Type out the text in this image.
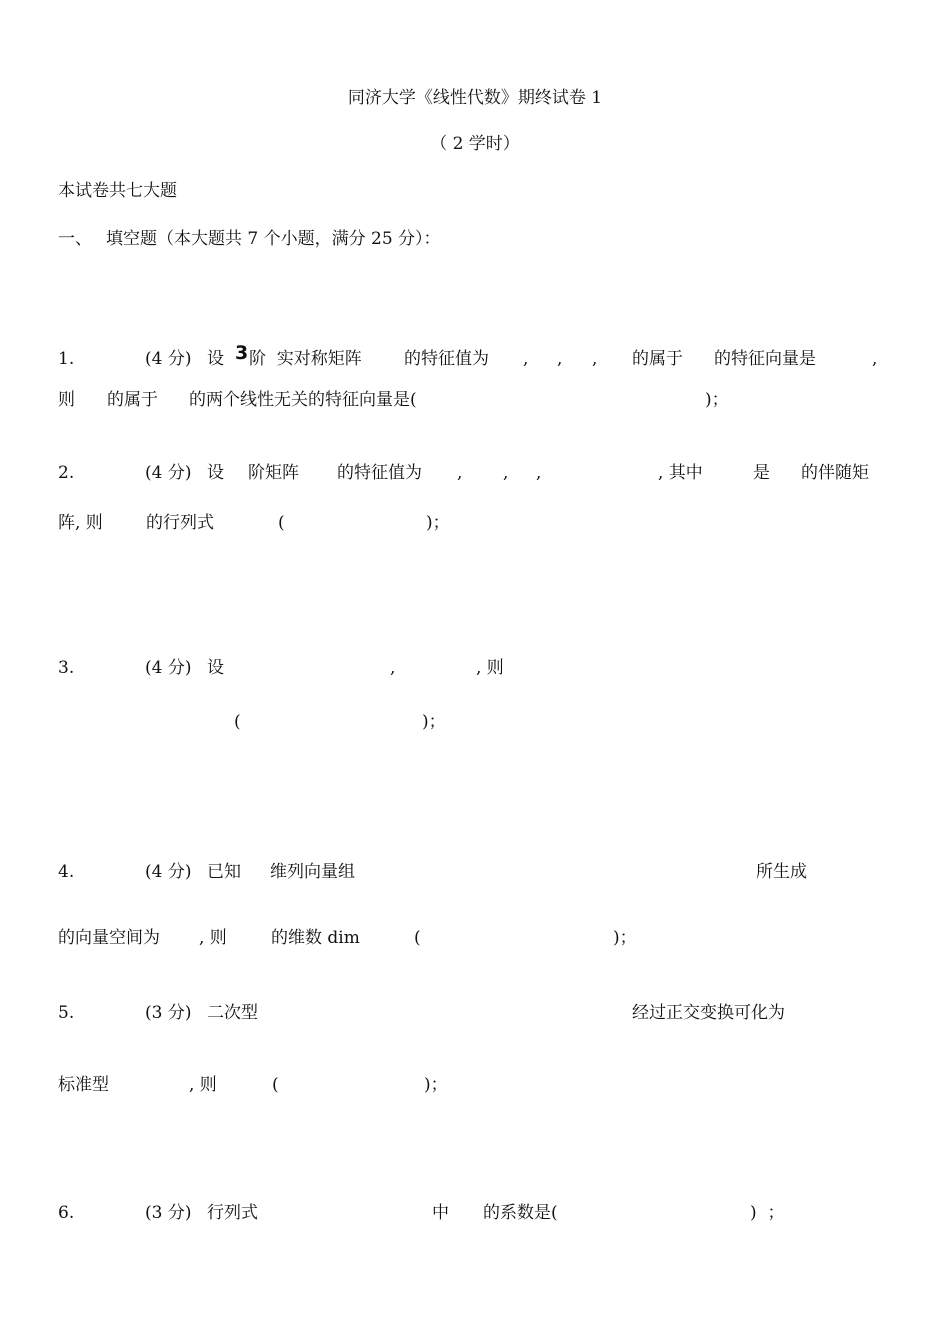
同济大学《线性代数》期终试卷 1
（ 2 学时）
本试卷共七大题
一、 填空题（本大题共 7 个小题，满分 25 分）：
1.	(4 分) 设 3 阶  实对称矩阵 的特征值为 , , , 的属于 的特征向量是	,
则 的属于 的两个线性无关的特征向量是(	)；
2.	(4 分) 设 阶矩阵 的特征值为 , , ,	, 其中	是 的伴随矩
阵, 则	的行列式	(	)；
3.	(4 分) 设	,	, 则
(	)；
4.	(4 分) 已知 维列向量组	所生成
的向量空间为 , 则	的维数 dim	(	)；
5.	(3 分) 二次型	经过正交变换可化为
标准型	, 则	(	)；
6.	(3 分) 行列式	中 的系数是(	)  ；
